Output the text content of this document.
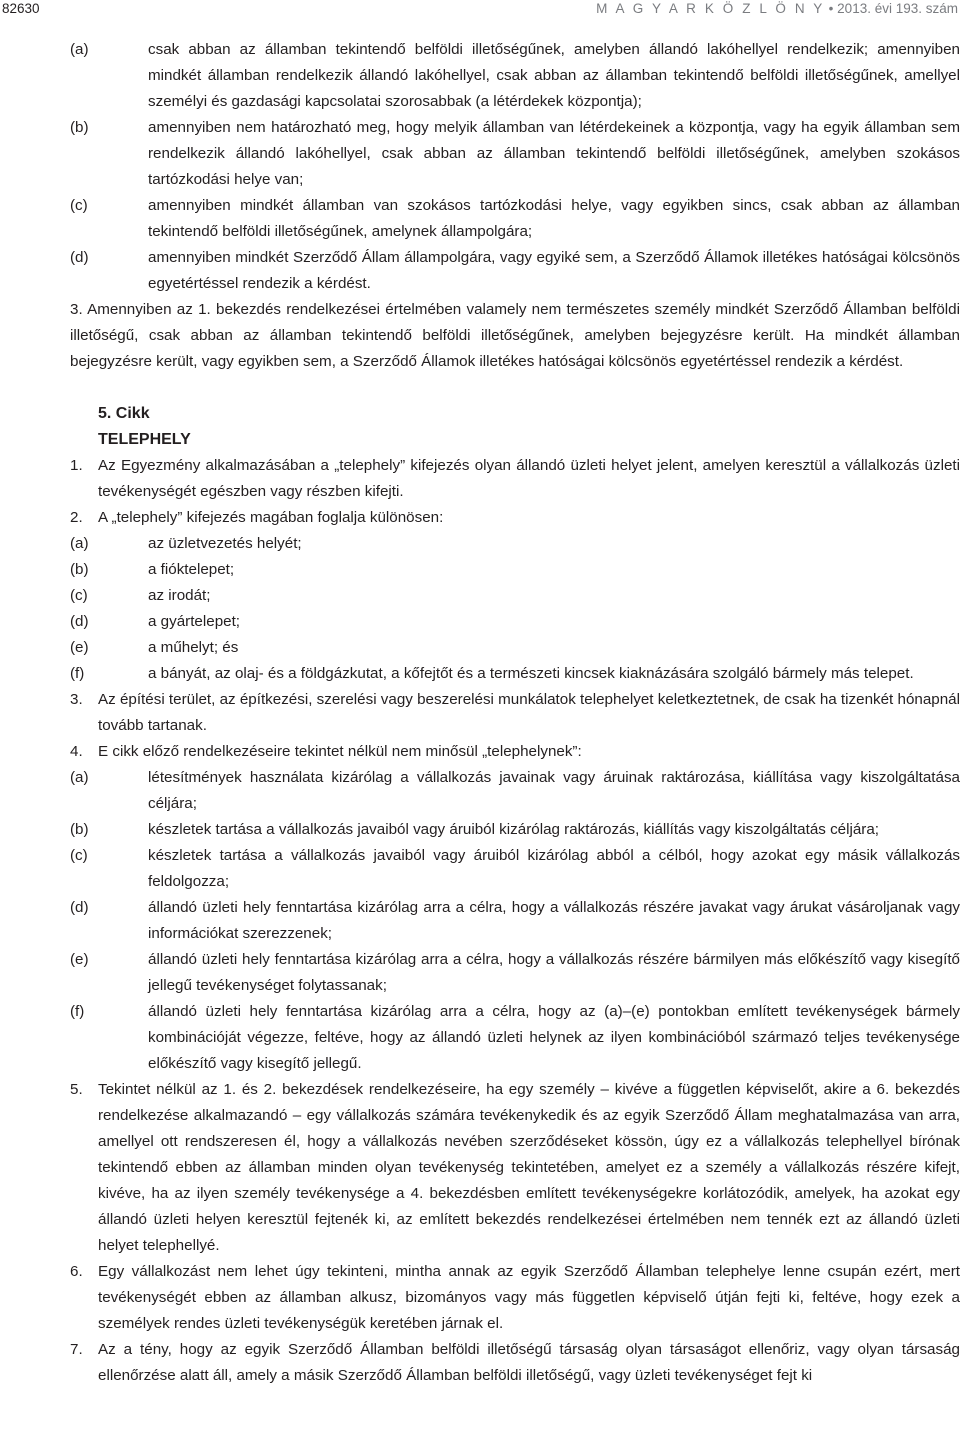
82630	M A G Y A R K Ö Z L Ö N Y • 2013. évi 193. szám
(a)	csak abban az államban tekintendő belföldi illetőségűnek, amelyben állandó lakóhellyel rendelkezik; amennyiben mindkét államban rendelkezik állandó lakóhellyel, csak abban az államban tekintendő belföldi illetőségűnek, amellyel személyi és gazdasági kapcsolatai szorosabbak (a létérdekek központja);
(b)	amennyiben nem határozható meg, hogy melyik államban van létérdekeinek a központja, vagy ha egyik államban sem rendelkezik állandó lakóhellyel, csak abban az államban tekintendő belföldi illetőségűnek, amelyben szokásos tartózkodási helye van;
(c)	amennyiben mindkét államban van szokásos tartózkodási helye, vagy egyikben sincs, csak abban az államban tekintendő belföldi illetőségűnek, amelynek állampolgára;
(d)	amennyiben mindkét Szerződő Állam állampolgára, vagy egyiké sem, a Szerződő Államok illetékes hatóságai kölcsönös egyetértéssel rendezik a kérdést.
3. Amennyiben az 1. bekezdés rendelkezései értelmében valamely nem természetes személy mindkét Szerződő Államban belföldi illetőségű, csak abban az államban tekintendő belföldi illetőségűnek, amelyben bejegyzésre került. Ha mindkét államban bejegyzésre került, vagy egyikben sem, a Szerződő Államok illetékes hatóságai kölcsönös egyetértéssel rendezik a kérdést.
5. Cikk
TELEPHELY
1. Az Egyezmény alkalmazásában a „telephely” kifejezés olyan állandó üzleti helyet jelent, amelyen keresztül a vállalkozás üzleti tevékenységét egészben vagy részben kifejti.
2. A „telephely” kifejezés magában foglalja különösen:
(a)	az üzletvezetés helyét;
(b)	a fióktelepet;
(c)	az irodát;
(d)	a gyártelepet;
(e)	a műhelyt; és
(f)	a bányát, az olaj- és a földgázkutat, a kőfejtőt és a természeti kincsek kiaknázására szolgáló bármely más telepet.
3. Az építési terület, az építkezési, szerelési vagy beszerelési munkálatok telephelyet keletkeztetnek, de csak ha tizenkét hónapnál tovább tartanak.
4. E cikk előző rendelkezéseire tekintet nélkül nem minősül „telephelynek”:
(a)	létesítmények használata kizárólag a vállalkozás javainak vagy áruinak raktározása, kiállítása vagy kiszolgáltatása céljára;
(b)	készletek tartása a vállalkozás javaiból vagy áruiból kizárólag raktározás, kiállítás vagy kiszolgáltatás céljára;
(c)	készletek tartása a vállalkozás javaiból vagy áruiból kizárólag abból a célból, hogy azokat egy másik vállalkozás feldolgozza;
(d)	állandó üzleti hely fenntartása kizárólag arra a célra, hogy a vállalkozás részére javakat vagy árukat vásároljanak vagy információkat szerezzenek;
(e)	állandó üzleti hely fenntartása kizárólag arra a célra, hogy a vállalkozás részére bármilyen más előkészítő vagy kisegítő jellegű tevékenységet folytassanak;
(f)	állandó üzleti hely fenntartása kizárólag arra a célra, hogy az (a)–(e) pontokban említett tevékenységek bármely kombinációját végezze, feltéve, hogy az állandó üzleti helynek az ilyen kombinációból származó teljes tevékenysége előkészítő vagy kisegítő jellegű.
5. Tekintet nélkül az 1. és 2. bekezdések rendelkezéseire, ha egy személy – kivéve a független képviselőt, akire a 6. bekezdés rendelkezése alkalmazandó – egy vállalkozás számára tevékenykedik és az egyik Szerződő Állam meghatalmazása van arra, amellyel ott rendszeresen él, hogy a vállalkozás nevében szerződéseket kössön, úgy ez a vállalkozás telephellyel bírónak tekintendő ebben az államban minden olyan tevékenység tekintetében, amelyet ez a személy a vállalkozás részére kifejt, kivéve, ha az ilyen személy tevékenysége a 4. bekezdésben említett tevékenységekre korlátozódik, amelyek, ha azokat egy állandó üzleti helyen keresztül fejtenék ki, az említett bekezdés rendelkezései értelmében nem tennék ezt az állandó üzleti helyet telephellyé.
6. Egy vállalkozást nem lehet úgy tekinteni, mintha annak az egyik Szerződő Államban telephelye lenne csupán ezért, mert tevékenységét ebben az államban alkusz, bizományos vagy más független képviselő útján fejti ki, feltéve, hogy ezek a személyek rendes üzleti tevékenységük keretében járnak el.
7. Az a tény, hogy az egyik Szerződő Államban belföldi illetőségű társaság olyan társaságot ellenőriz, vagy olyan társaság ellenőrzése alatt áll, amely a másik Szerződő Államban belföldi illetőségű, vagy üzleti tevékenységet fejt ki
